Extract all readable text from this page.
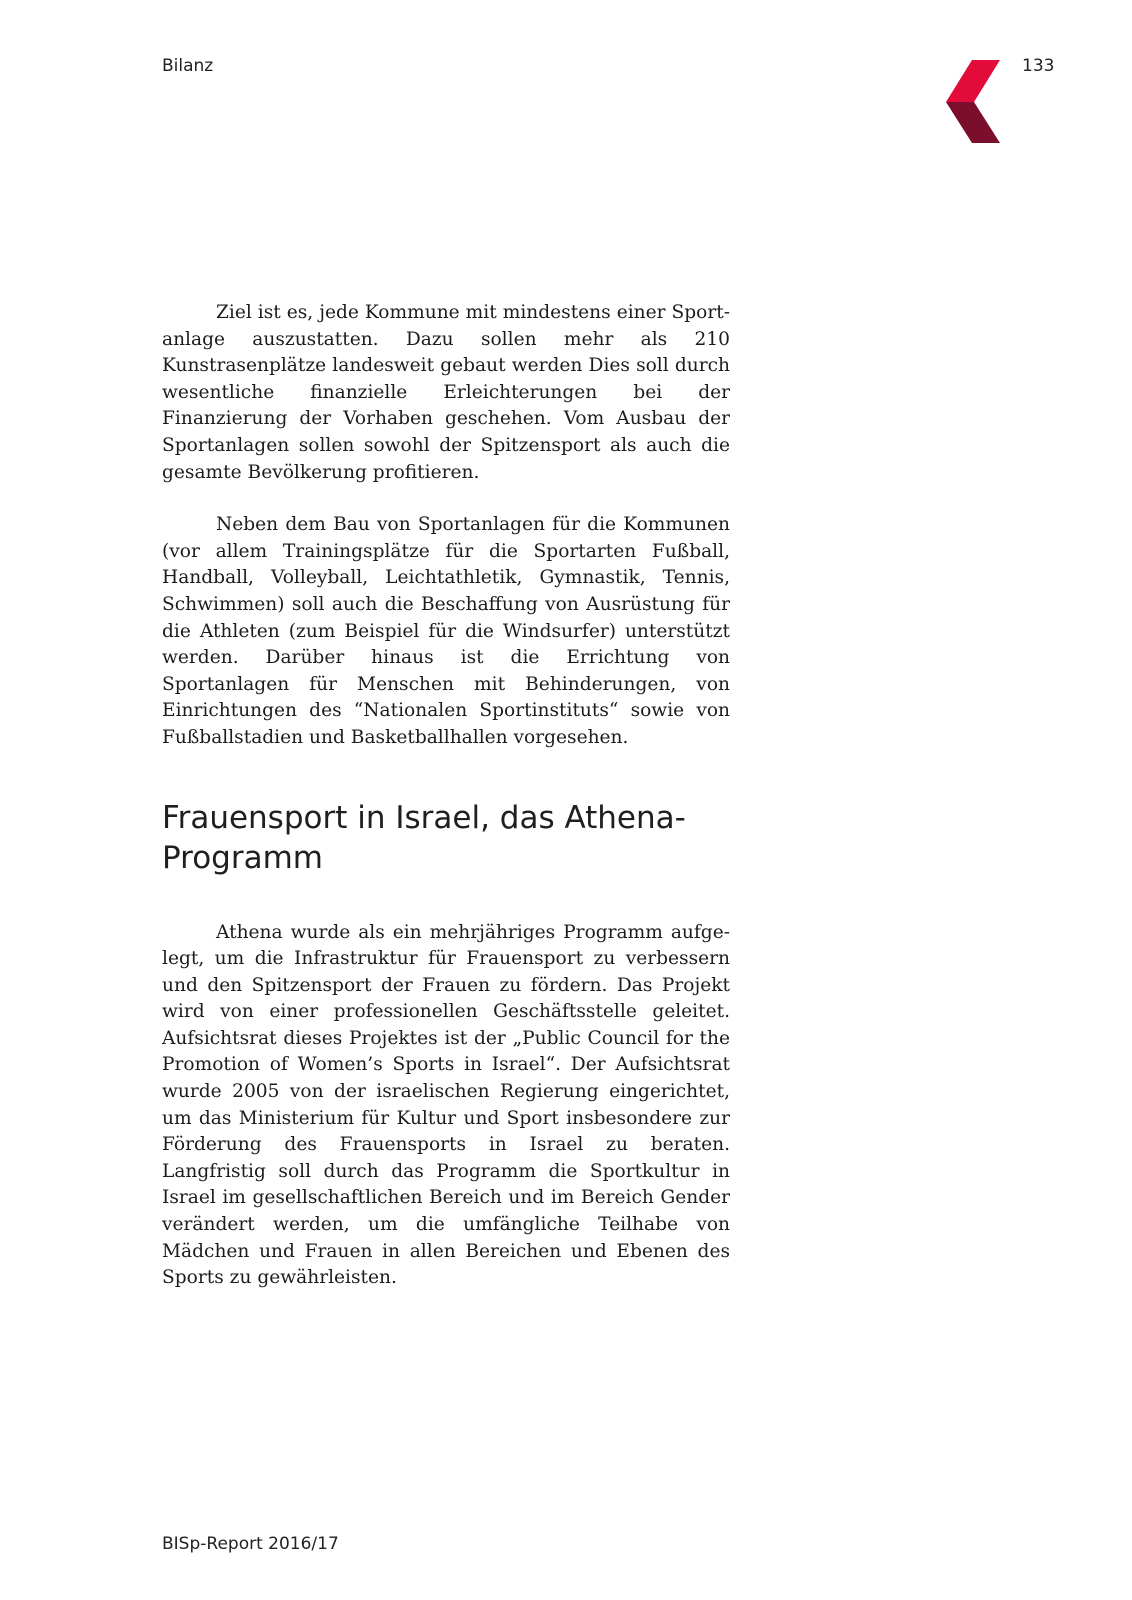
Bilanz	133

Ziel ist es, jede Kommune mit mindestens einer Sportanlage auszustatten. Dazu sollen mehr als 210 Kunstrasenplätze landesweit gebaut werden Dies soll durch wesentliche finanzielle Erleichterungen bei der Finanzierung der Vorhaben geschehen. Vom Ausbau der Sportanlagen sollen sowohl der Spitzensport als auch die gesamte Bevölkerung profitieren.

Neben dem Bau von Sportanlagen für die Kommunen (vor allem Trainingsplätze für die Sportarten Fußball, Handball, Volleyball, Leichtathletik, Gymnastik, Tennis, Schwimmen) soll auch die Beschaffung von Ausrüstung für die Athleten (zum Beispiel für die Windsurfer) unterstützt werden. Darüber hinaus ist die Errichtung von Sportanlagen für Menschen mit Behinderungen, von Einrichtungen des “Nationalen Sportinstituts“ sowie von Fußballstadien und Basketballhallen vorgesehen.

Frauensport in Israel, das Athena-Programm

Athena wurde als ein mehrjähriges Programm aufgelegt, um die Infrastruktur für Frauensport zu verbessern und den Spitzensport der Frauen zu fördern. Das Projekt wird von einer professionellen Geschäftsstelle geleitet. Aufsichtsrat dieses Projektes ist der „Public Council for the Promotion of Women’s Sports in Israel“. Der Aufsichtsrat wurde 2005 von der israelischen Regierung eingerichtet, um das Ministerium für Kultur und Sport insbesondere zur Förderung des Frauensports in Israel zu beraten. Langfristig soll durch das Programm die Sportkultur in Israel im gesellschaftlichen Bereich und im Bereich Gender verändert werden, um die umfängliche Teilhabe von Mädchen und Frauen in allen Bereichen und Ebenen des Sports zu gewährleisten.

BISp-Report 2016/17
